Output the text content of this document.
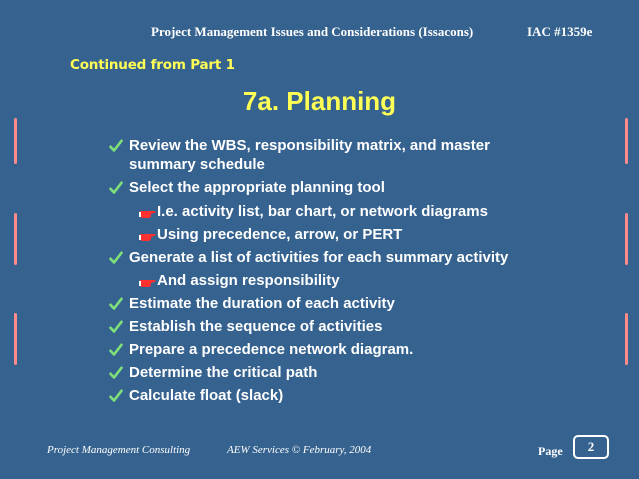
Project Management Issues and Considerations (Issacons)	IAC #1359e
Continued from Part 1
7a. Planning
Review the WBS, responsibility matrix, and master
summary schedule
Select the appropriate planning tool
I.e. activity list, bar chart, or network diagrams
Using precedence, arrow, or PERT
Generate a list of activities for each summary activity
And assign responsibility
Estimate the duration of each activity
Establish the sequence of activities
Prepare a precedence network diagram.
Determine the critical path
Calculate float (slack)
Project Management Consulting	AEW Services © February, 2004	Page	2
